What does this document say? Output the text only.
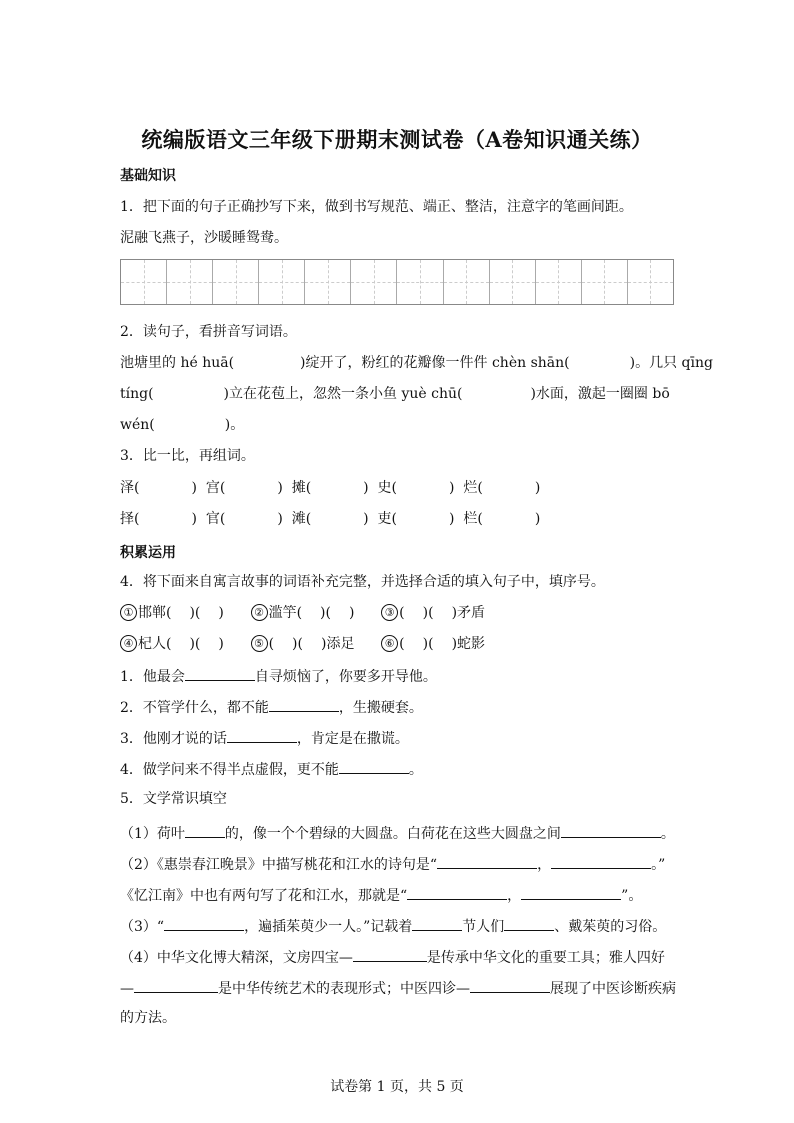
统编版语文三年级下册期末测试卷（A卷知识通关练）
基础知识
1．把下面的句子正确抄写下来，做到书写规范、端正、整洁，注意字的笔画间距。
泥融飞燕子，沙暖睡鸳鸯。
2．读句子，看拼音写词语。
池塘里的 hé huā(	)绽开了，粉红的花瓣像一件件 chèn shān(	)。几只 qīng
tíng(	)立在花苞上，忽然一条小鱼 yuè chū(	)水面，激起一圈圈 bō
wén(	)。
3．比一比，再组词。
泽(	)  宫(	)  摊(	)  史(	)  烂(	)
择(	)  官(	)  滩(	)  吏(	)  栏(	)
积累运用
4．将下面来自寓言故事的词语补充完整，并选择合适的填入句子中，填序号。
① 邯郸( )( )      ② 滥竽( )( )      ③ ( )( )矛盾
④ 杞人( )( )      ⑤ ( )( )添足	⑥ ( )( )蛇影
1．他最会	自寻烦恼了，你要多开导他。
2．不管学什么，都不能	，生搬硬套。
3．他刚才说的话	，肯定是在撒谎。
4．做学问来不得半点虚假，更不能	。
5．文学常识填空
（1）荷叶	的，像一个个碧绿的大圆盘。白荷花在这些大圆盘之间	。
（2）《惠崇春江晚景》中描写桃花和江水的诗句是“	，	。”
《忆江南》中也有两句写了花和江水，那就是“	，	”。
（3）“	，遍插茱萸少一人。”记载着	节人们	、戴茱萸的习俗。
（4）中华文化博大精深，文房四宝—	是传承中华文化的重要工具；雅人四好
—	是中华传统艺术的表现形式；中医四诊—	展现了中医诊断疾病
的方法。
试卷第 1 页，共 5 页
